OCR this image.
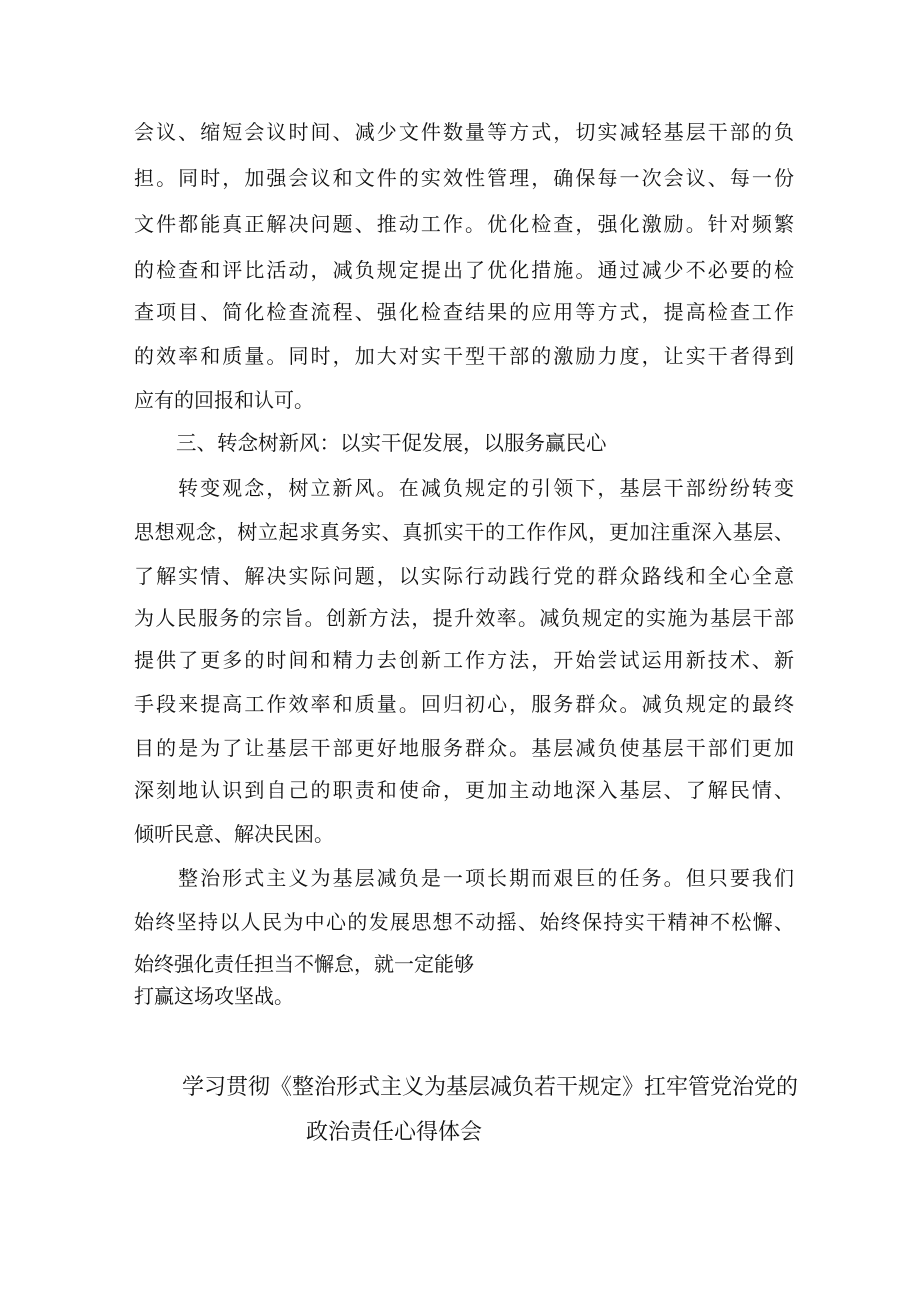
会议、缩短会议时间、减少文件数量等方式，切实减轻基层干部的负
担。同时，加强会议和文件的实效性管理，确保每一次会议、每一份
文件都能真正解决问题、推动工作。优化检查，强化激励。针对频繁
的检查和评比活动，减负规定提出了优化措施。通过减少不必要的检
查项目、简化检查流程、强化检查结果的应用等方式，提高检查工作
的效率和质量。同时，加大对实干型干部的激励力度，让实干者得到
应有的回报和认可。
三、转念树新风：以实干促发展，以服务赢民心
转变观念，树立新风。在减负规定的引领下，基层干部纷纷转变
思想观念，树立起求真务实、真抓实干的工作作风，更加注重深入基层、
了解实情、解决实际问题，以实际行动践行党的群众路线和全心全意
为人民服务的宗旨。创新方法，提升效率。减负规定的实施为基层干部
提供了更多的时间和精力去创新工作方法，开始尝试运用新技术、新
手段来提高工作效率和质量。回归初心，服务群众。减负规定的最终
目的是为了让基层干部更好地服务群众。基层减负使基层干部们更加
深刻地认识到自己的职责和使命，更加主动地深入基层、了解民情、
倾听民意、解决民困。
整治形式主义为基层减负是一项长期而艰巨的任务。但只要我们
始终坚持以人民为中心的发展思想不动摇、始终保持实干精神不松懈、
始终强化责任担当不懈怠，就一定能够
打赢这场攻坚战。
学习贯彻《整治形式主义为基层减负若干规定》扛牢管党治党的
政治责任心得体会
